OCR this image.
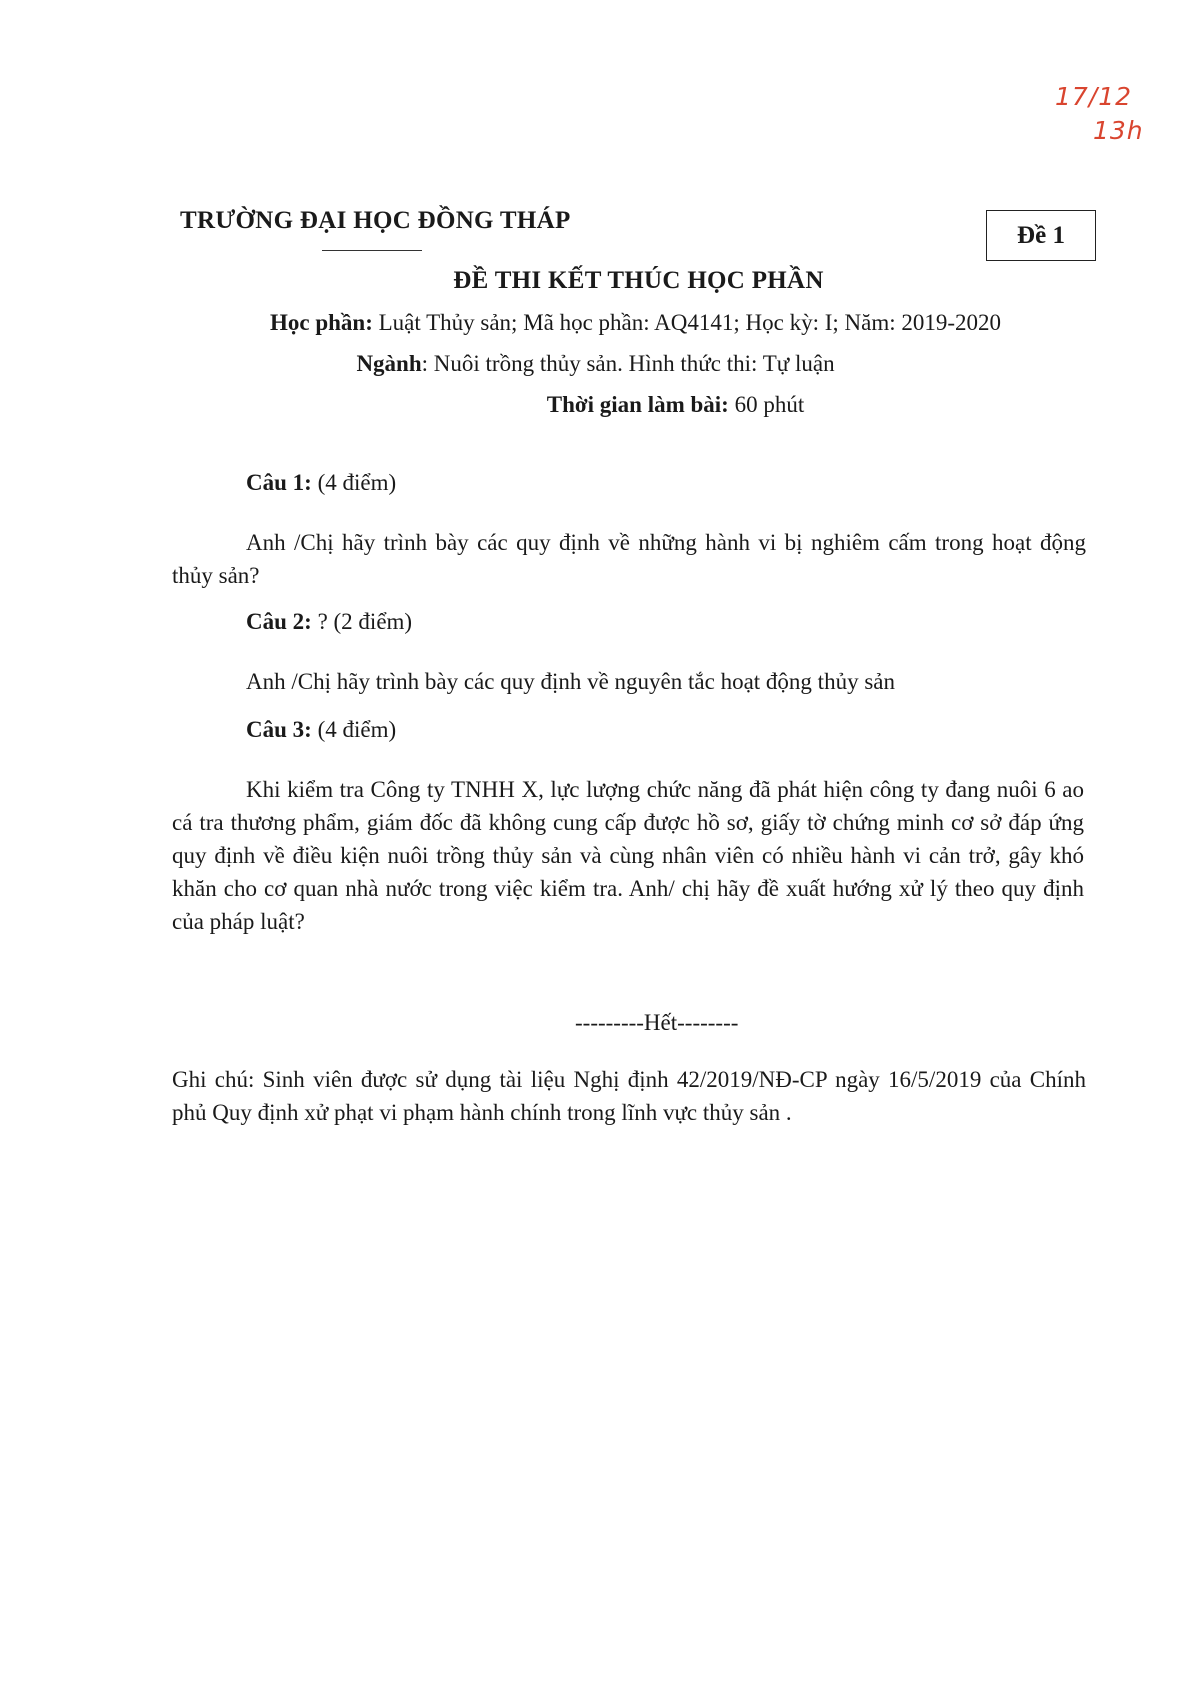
17/12
13h
TRƯỜNG ĐẠI HỌC ĐỒNG THÁP
Đề 1
ĐỀ THI KẾT THÚC HỌC PHẦN
Học phần: Luật Thủy sản; Mã học phần: AQ4141; Học kỳ: I; Năm: 2019-2020
Ngành: Nuôi trồng thủy sản. Hình thức thi: Tự luận
Thời gian làm bài: 60 phút
Câu 1: (4 điểm)
Anh /Chị hãy trình bày các quy định về những hành vi bị nghiêm cấm trong hoạt động thủy sản?
Câu 2: ? (2 điểm)
Anh /Chị hãy trình bày các quy định về nguyên tắc hoạt động thủy sản
Câu 3: (4 điểm)
Khi kiểm tra Công ty TNHH X, lực lượng chức năng đã phát hiện công ty đang nuôi 6 ao cá tra thương phẩm, giám đốc đã không cung cấp được hồ sơ, giấy tờ chứng minh cơ sở đáp ứng quy định về điều kiện nuôi trồng thủy sản và cùng nhân viên có nhiều hành vi cản trở, gây khó khăn cho cơ quan nhà nước trong việc kiểm tra. Anh/ chị hãy đề xuất hướng xử lý theo quy định của pháp luật?
---------Hết--------
Ghi chú: Sinh viên được sử dụng tài liệu Nghị định 42/2019/NĐ-CP ngày 16/5/2019 của Chính phủ Quy định xử phạt vi phạm hành chính trong lĩnh vực thủy sản .
